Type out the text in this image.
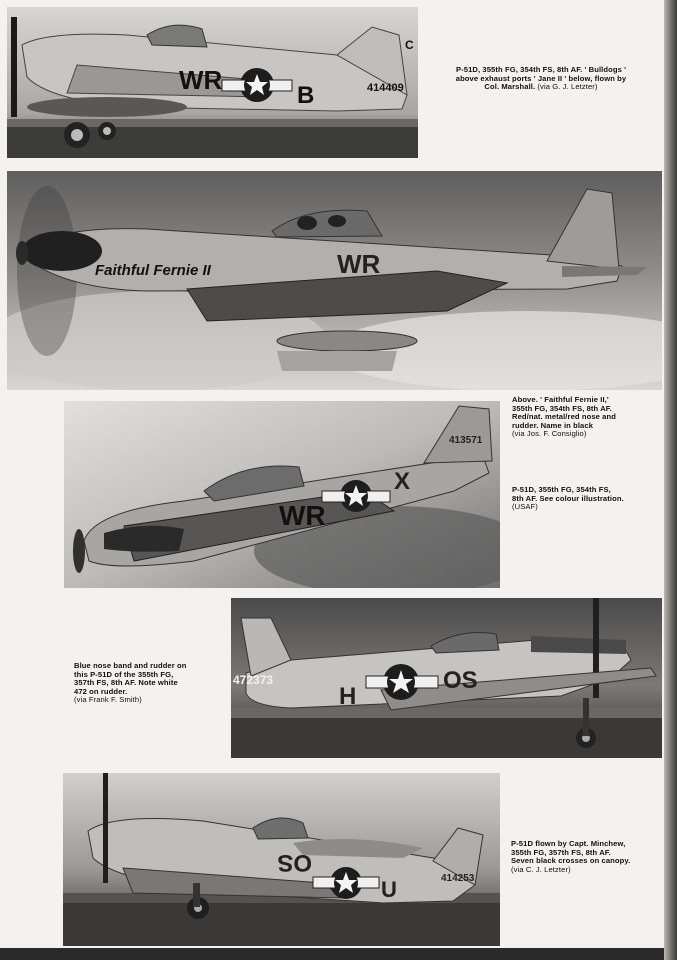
WR
B	414409
C
P-51D, 355th FG, 354th FS, 8th AF. ' Bulldogs '
above exhaust ports ' Jane II ' below, flown by
Col. Marshall. (via G. J. Letzter)
Faithful Fernie II	WR
WR
X
413571
Above. ' Faithful Fernie II,'
355th FG, 354th FS, 8th AF.
Red/nat. metal/red nose and
rudder. Name in black
(via Jos. F. Consiglio)
P-51D, 355th FG, 354th FS,
8th AF. See colour illustration.
(USAF)
H
OS
472373
Blue nose band and rudder on
this P-51D of the 355th FG,
357th FS, 8th AF. Note white
472 on rudder.
(via Frank F. Smith)
OS
U	414253
P-51D flown by Capt. Minchew,
355th FG, 357th FS, 8th AF.
Seven black crosses on canopy.
(via C. J. Letzter)
